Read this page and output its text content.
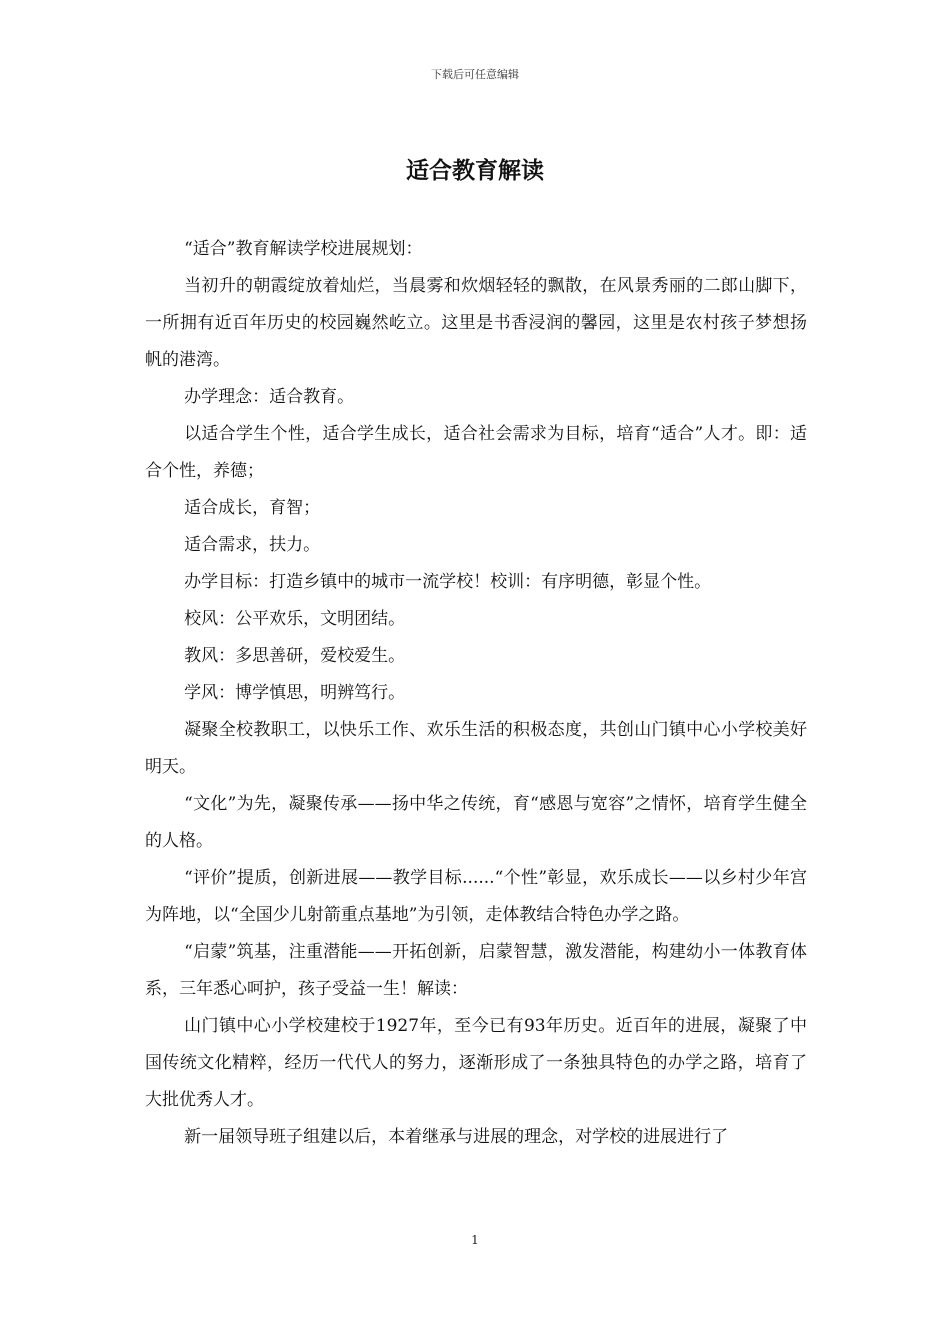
下载后可任意编辑
适合教育解读

“适合”教育解读学校进展规划：

当初升的朝霞绽放着灿烂，当晨雾和炊烟轻轻的飘散，在风景秀丽的二郎山脚下，一所拥有近百年历史的校园巍然屹立。这里是书香浸润的馨园，这里是农村孩子梦想扬帆的港湾。

办学理念：适合教育。

以适合学生个性，适合学生成长，适合社会需求为目标，培育“适合”人才。即：适合个性，养德；

适合成长，育智；

适合需求，扶力。

办学目标：打造乡镇中的城市一流学校！校训：有序明德，彰显个性。

校风：公平欢乐，文明团结。

教风：多思善研，爱校爱生。

学风：博学慎思，明辨笃行。

凝聚全校教职工，以快乐工作、欢乐生活的积极态度，共创山门镇中心小学校美好明天。

“文化”为先，凝聚传承——扬中华之传统，育“感恩与宽容”之情怀，培育学生健全的人格。

“评价”提质，创新进展——教学目标......“个性”彰显，欢乐成长——以乡村少年宫为阵地，以“全国少儿射箭重点基地”为引领，走体教结合特色办学之路。

“启蒙”筑基，注重潜能——开拓创新，启蒙智慧，激发潜能，构建幼小一体教育体系，三年悉心呵护，孩子受益一生！解读：

山门镇中心小学校建校于1927年，至今已有93年历史。近百年的进展，凝聚了中国传统文化精粹，经历一代代人的努力，逐渐形成了一条独具特色的办学之路，培育了大批优秀人才。

新一届领导班子组建以后，本着继承与进展的理念，对学校的进展进行了

1
